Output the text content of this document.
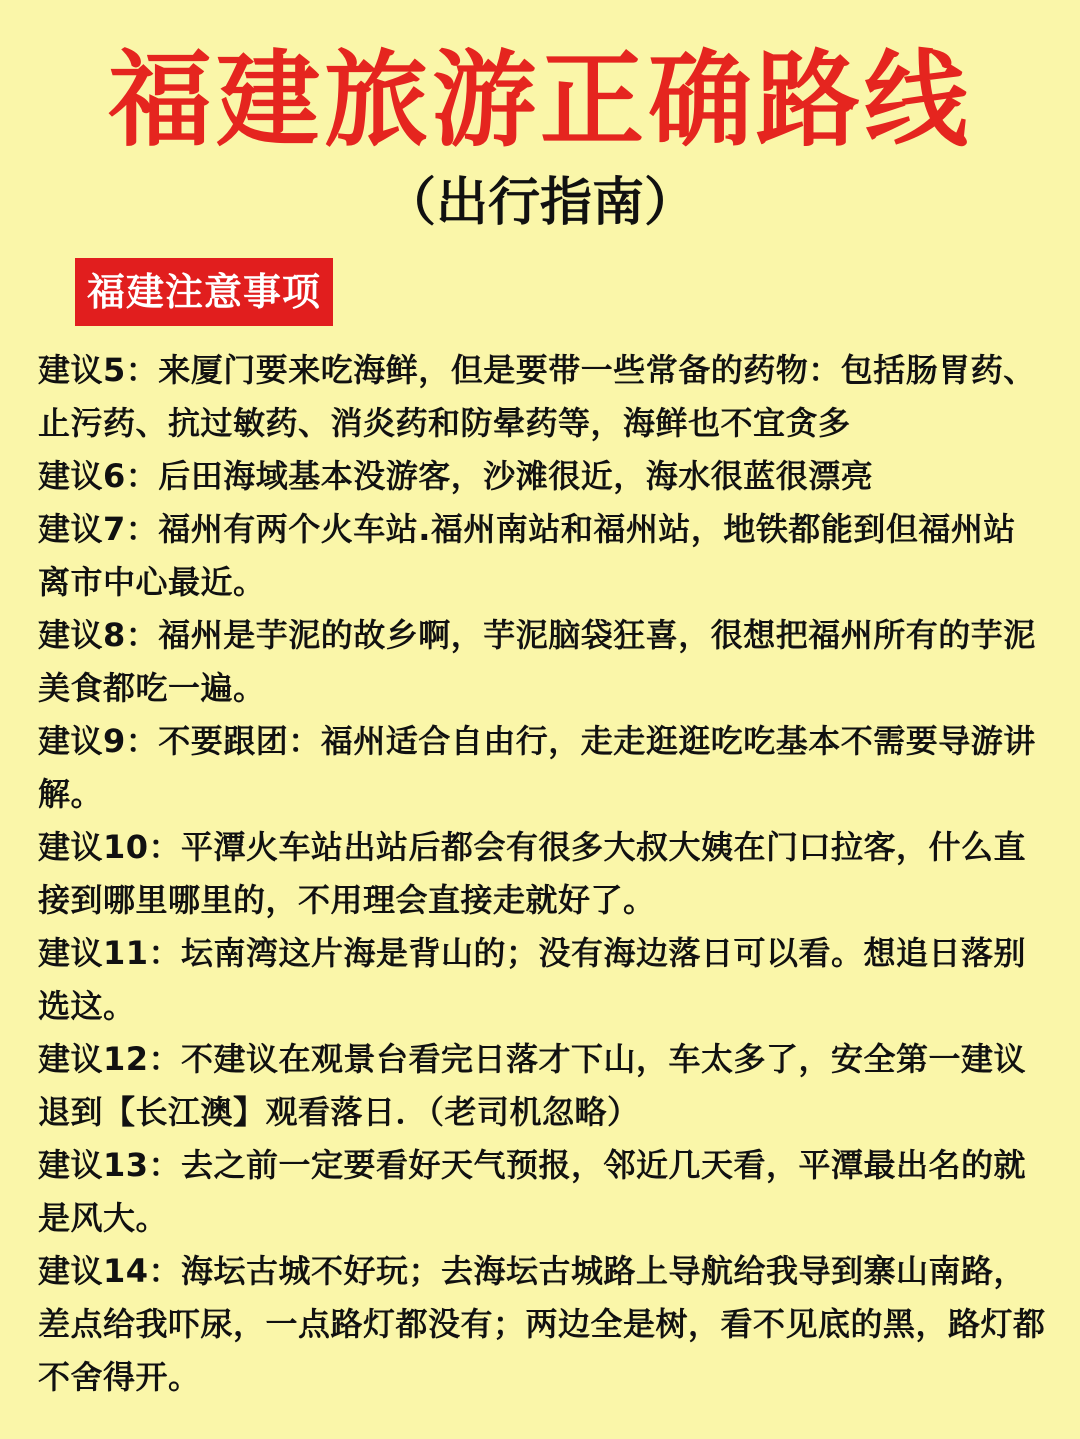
福建旅游正确路线
（出行指南）
福建注意事项

建议5：来厦门要来吃海鲜，但是要带一些常备的药物：包括肠胃药、止污药、抗过敏药、消炎药和防晕药等，海鲜也不宜贪多

建议6：后田海域基本没游客，沙滩很近，海水很蓝很漂亮

建议7：福州有两个火车站.福州南站和福州站，地铁都能到但福州站离市中心最近。

建议8：福州是芋泥的故乡啊，芋泥脑袋狂喜，很想把福州所有的芋泥美食都吃一遍。

建议9：不要跟团：福州适合自由行，走走逛逛吃吃基本不需要导游讲解。

建议10：平潭火车站出站后都会有很多大叔大姨在门口拉客，什么直接到哪里哪里的，不用理会直接走就好了。

建议11：坛南湾这片海是背山的；没有海边落日可以看。想追日落别选这。

建议12：不建议在观景台看完日落才下山，车太多了，安全第一建议退到【长江澳】观看落日．（老司机忽略）

建议13：去之前一定要看好天气预报，邻近几天看，平潭最出名的就是风大。

建议14：海坛古城不好玩；去海坛古城路上导航给我导到寨山南路，差点给我吓尿，一点路灯都没有；两边全是树，看不见底的黑，路灯都不舍得开。
